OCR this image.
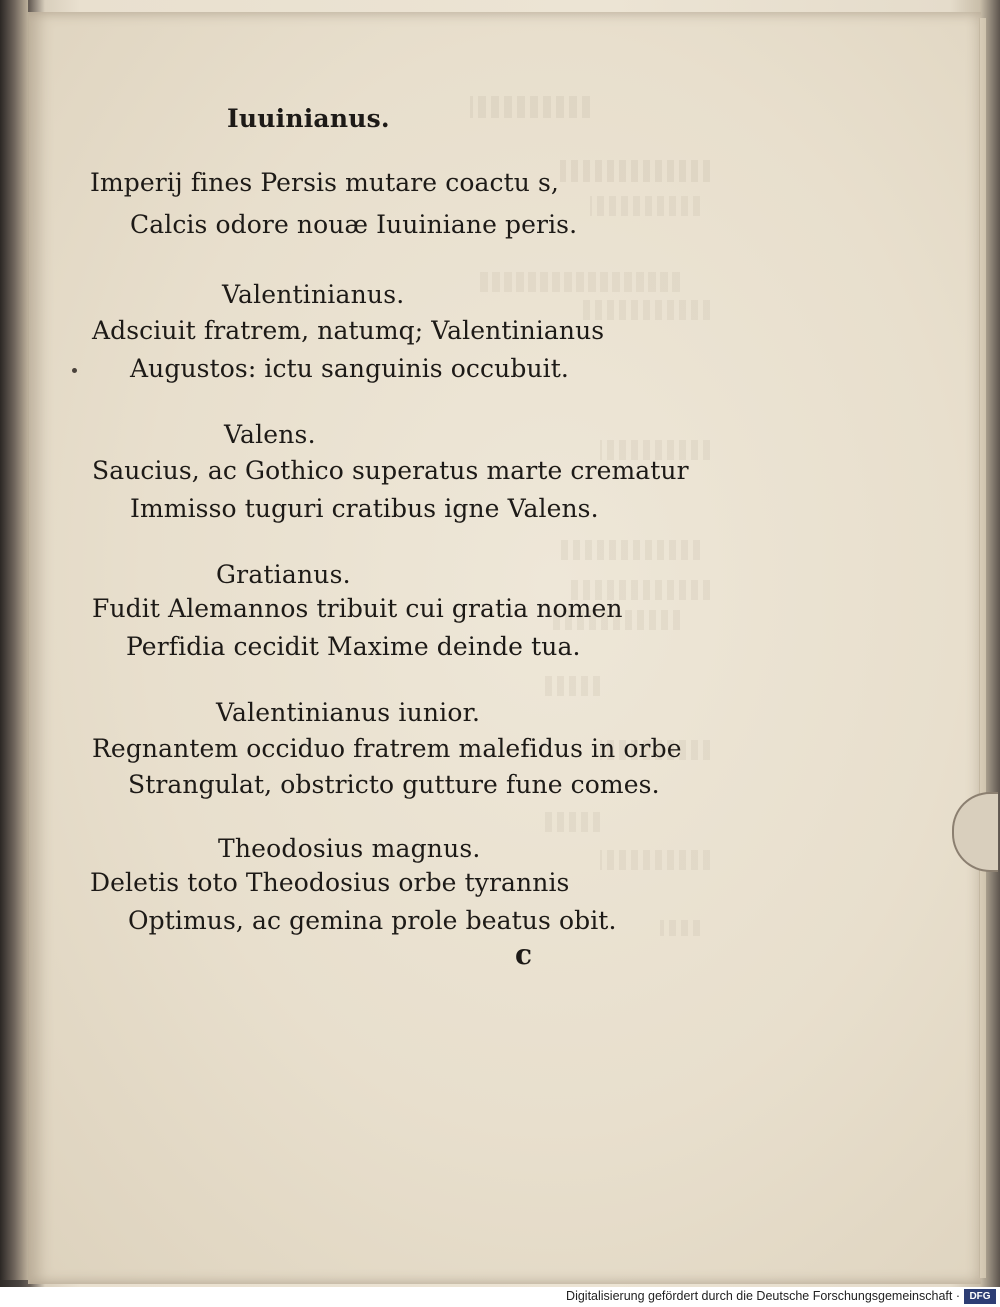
Iuuinianus.
Imperij fines Persis mutare coactu s,
Calcis odore nouæ Iuuiniane peris.
Valentinianus.
Adsciuit fratrem, natumq; Valentinianus
Augustos: ictu sanguinis occubuit.
Valens.
Saucius, ac Gothico superatus marte crematur
Immisso tuguri cratibus igne Valens.
Gratianus.
Fudit Alemannos tribuit cui gratia nomen
Perfidia cecidit Maxime deinde tua.
Valentinianus iunior.
Regnantem occiduo fratrem malefidus in orbe
Strangulat, obstricto gutture fune comes.
Theodosius magnus.
Deletis toto Theodosius orbe tyrannis
Optimus, ac gemina prole beatus obit.
c
Digitalisierung gefördert durch die Deutsche Forschungsgemeinschaft · DFG
